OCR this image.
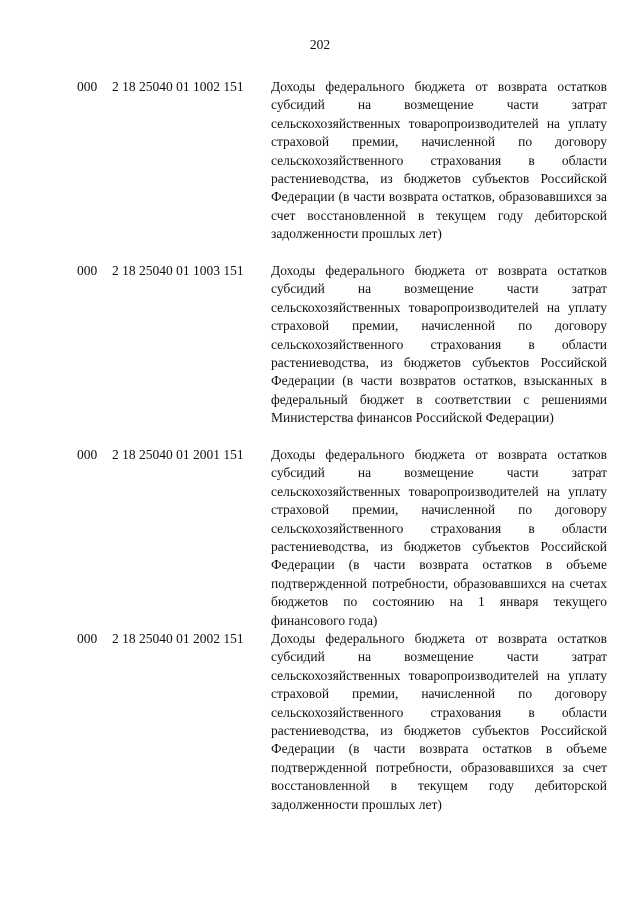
202
000 2 18 25040 01 1002 151 Доходы федерального бюджета от возврата остатков субсидий на возмещение части затрат сельскохозяйственных товаропроизводителей на уплату страховой премии, начисленной по договору сельскохозяйственного страхования в области растениеводства, из бюджетов субъектов Российской Федерации (в части возврата остатков, образовавшихся за счет восстановленной в текущем году дебиторской задолженности прошлых лет)
000 2 18 25040 01 1003 151 Доходы федерального бюджета от возврата остатков субсидий на возмещение части затрат сельскохозяйственных товаропроизводителей на уплату страховой премии, начисленной по договору сельскохозяйственного страхования в области растениеводства, из бюджетов субъектов Российской Федерации (в части возвратов остатков, взысканных в федеральный бюджет в соответствии с решениями Министерства финансов Российской Федерации)
000 2 18 25040 01 2001 151 Доходы федерального бюджета от возврата остатков субсидий на возмещение части затрат сельскохозяйственных товаропроизводителей на уплату страховой премии, начисленной по договору сельскохозяйственного страхования в области растениеводства, из бюджетов субъектов Российской Федерации (в части возврата остатков в объеме подтвержденной потребности, образовавшихся на счетах бюджетов по состоянию на 1 января текущего финансового года)
000 2 18 25040 01 2002 151 Доходы федерального бюджета от возврата остатков субсидий на возмещение части затрат сельскохозяйственных товаропроизводителей на уплату страховой премии, начисленной по договору сельскохозяйственного страхования в области растениеводства, из бюджетов субъектов Российской Федерации (в части возврата остатков в объеме подтвержденной потребности, образовавшихся за счет восстановленной в текущем году дебиторской задолженности прошлых лет)
